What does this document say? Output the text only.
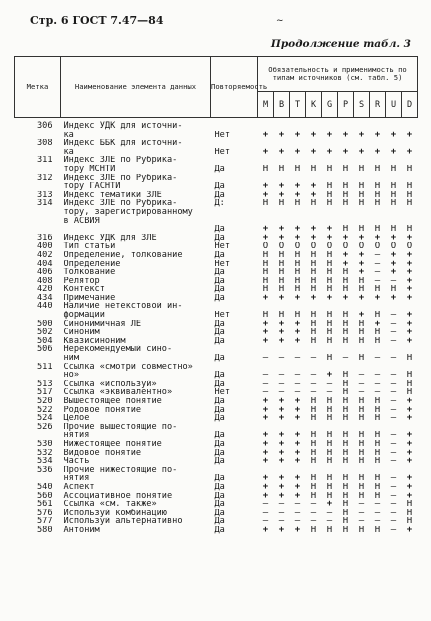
Стр. 6 ГОСТ 7.47—84	~
Продолжение табл. 3
Метка	Наименование элемента данных	Повторяемость	Обязательность и применимость по типам источников (см. табл. 5)									
			M	B	T	K	G	P	S	R	U	D
306	Индекс УДК для источни-											
	ка	Нет	+	+	+	+	+	+	+	+	+	+
308	Индекс ББК для источни-											
	ка	Нет	+	+	+	+	+	+	+	+	+	+
311	Индекс ЗЛЕ по Рубрика-											
	тору МСНТИ	Да	Н	Н	Н	Н	Н	Н	Н	Н	Н	Н
312	Индекс ЗЛЕ по Рубрика-											
	тору ГАСНТИ	Да	+	+	+	+	Н	Н	Н	Н	Н	Н
313	Индекс тематики ЗЛЕ	Да	+	+	+	+	Н	Н	Н	Н	Н	Н
314	Индекс ЗЛЕ по Рубрика-	Д:	Н	Н	Н	Н	Н	Н	Н	Н	Н	Н
	тору, зарегистрированному											
	в АСВИЯ											
		Да	+	+	+	+	+	Н	Н	Н	Н	Н
316	Индекс УДК для ЗЛЕ	Да	+	+	+	+	+	+	+	+	+	+
400	Тип статьи	Нет	О	О	О	О	О	О	О	О	О	О
402	Определение, толкование	Да	Н	Н	Н	Н	Н	+	+	—	+	+
404	Определение	Нет	Н	Н	Н	Н	Н	+	+	—	+	+
406	Толкование	Да	Н	Н	Н	Н	Н	Н	+	—	+	+
408	Релятор	Да	Н	Н	Н	Н	Н	Н	Н	—	—	+
420	Контекст	Да	Н	Н	Н	Н	Н	Н	Н	Н	Н	+
434	Примечание	Да	+	+	+	+	+	+	+	+	+	+
440	Наличие нетекстовой ин-											
	формации	Нет	Н	Н	Н	Н	Н	Н	+	Н	—	+
500	Синонимичная ЛЕ	Да	+	+	+	Н	Н	Н	Н	+	—	+
502	Синоним	Да	+	+	+	Н	Н	Н	Н	Н	—	+
504	Квазисиноним	Да	+	+	+	Н	Н	Н	Н	Н	—	+
506	Нерекомендуемый сино-											
	ним	Да	—	—	—	—	Н	—	Н	—	—	Н
511	Ссылка «смотри совместно»											
	но»	Да	—	—	—	—	+	Н	—	—	—	Н
513	Ссылка «используй»	Да	—	—	—	—	—	Н	—	—	—	Н
517	Ссылка «эквивалентно»	Нет	—	—	—	—	—	Н	—	—	—	Н
520	Вышестоящее понятие	Да	+	+	+	Н	Н	Н	Н	Н	—	+
522	Родовое понятие	Да	+	+	+	Н	Н	Н	Н	Н	—	+
524	Целое	Да	+	+	+	Н	Н	Н	Н	Н	—	+
526	Прочие вышестоящие по-											
	нятия	Да	+	+	+	Н	Н	Н	Н	Н	—	+
530	Нижестоящее понятие	Да	+	+	+	Н	Н	Н	Н	Н	—	+
532	Видовое понятие	Да	+	+	+	Н	Н	Н	Н	Н	—	+
534	Часть	Да	+	+	+	Н	Н	Н	Н	Н	—	+
536	Прочие нижестоящие по-											
	нятия	Да	+	+	+	Н	Н	Н	Н	Н	—	+
540	Аспект	Да	+	+	+	Н	Н	Н	Н	Н	—	+
560	Ассоциативное понятие	Да	+	+	+	Н	Н	Н	Н	Н	—	+
561	Ссылка «см. также»	Да	—	—	—	—	+	Н	—	—	—	Н
576	Используй комбинацию	Да	—	—	—	—	—	Н	—	—	—	Н
577	Используй альтернативно	Да	—	—	—	—	—	Н	—	—	—	Н
580	Антоним	Да	+	+	+	Н	Н	Н	Н	Н	—	+
